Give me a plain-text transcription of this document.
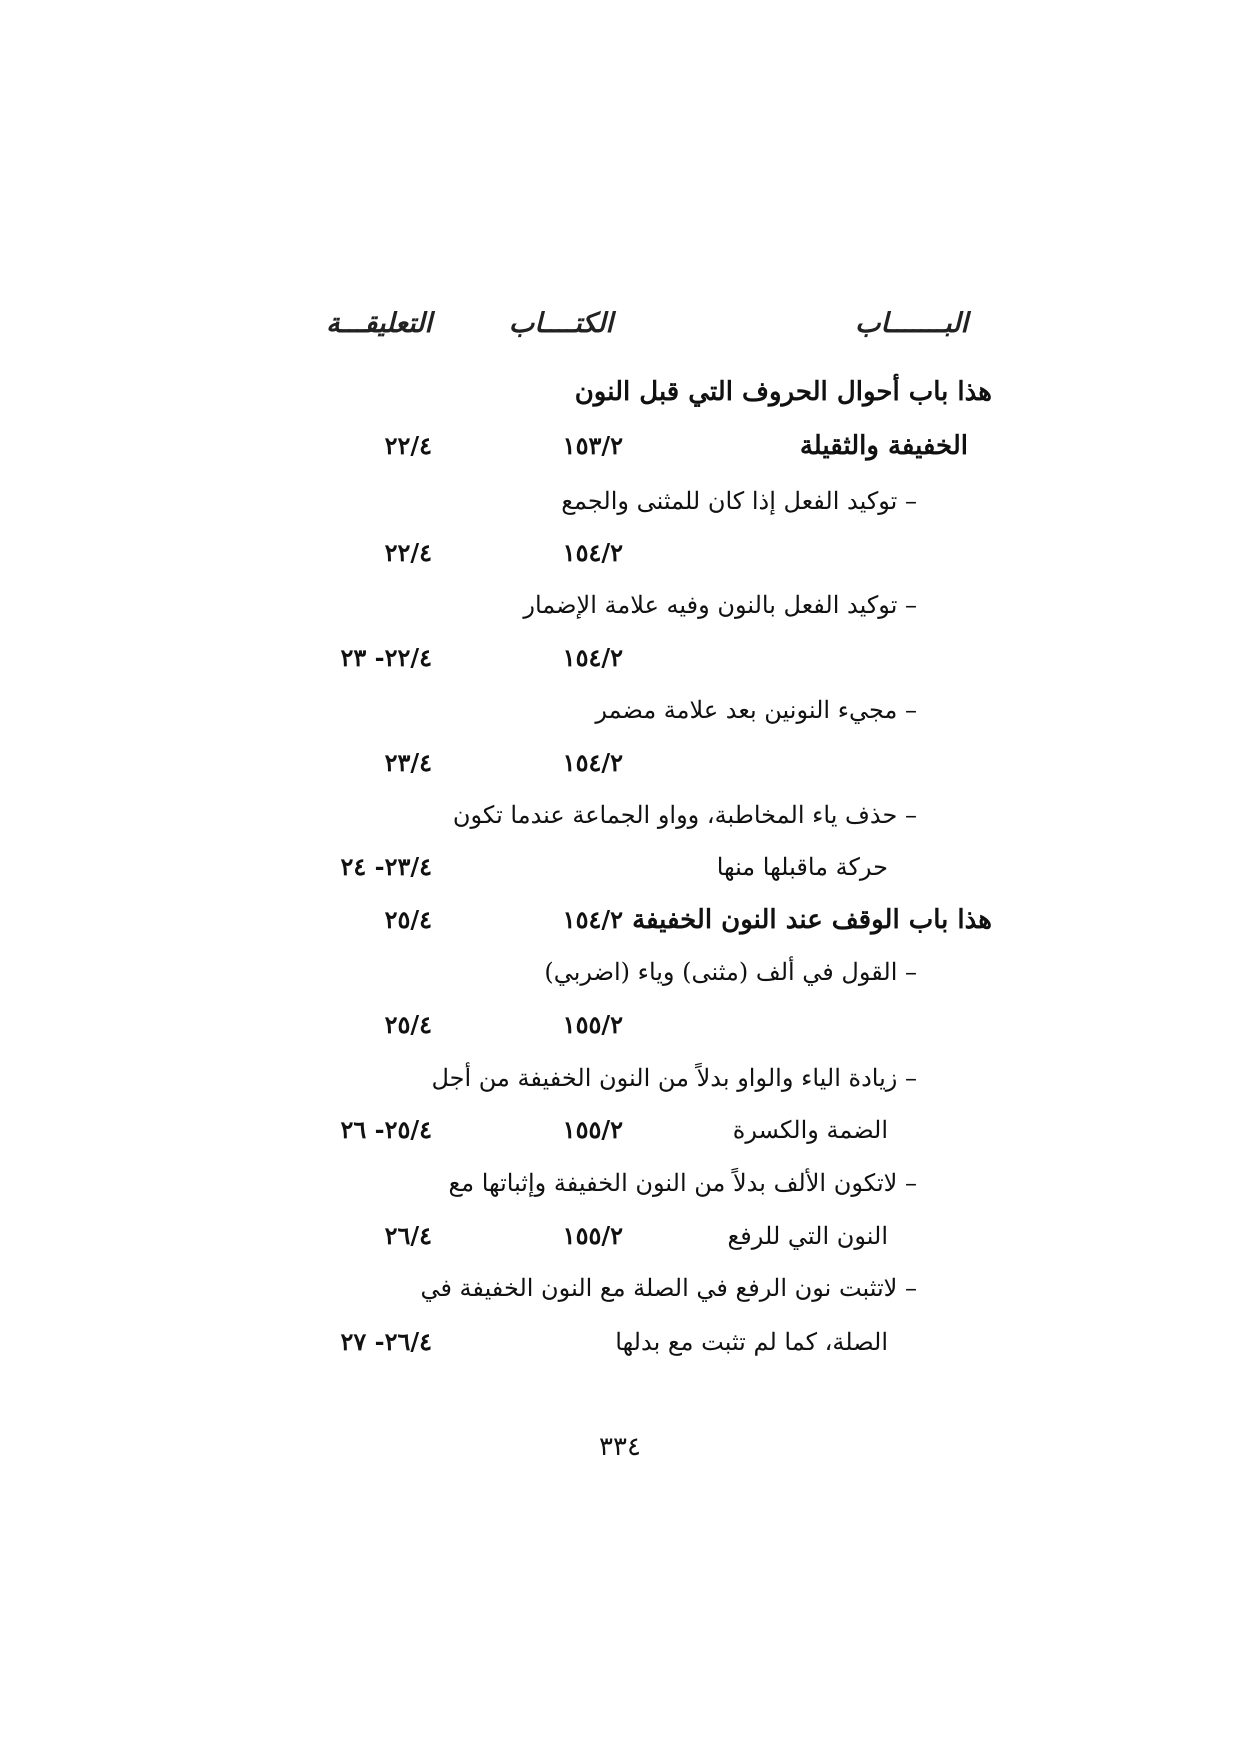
البـــــــاب
الكتــــاب
التعليقـــة
هذا باب أحوال الحروف التي قبل النون
الخفيفة والثقيلة
١٥٣/٢
٢٢/٤
– توكيد الفعل إذا كان للمثنى والجمع
١٥٤/٢
٢٢/٤
– توكيد الفعل بالنون وفيه علامة الإضمار
١٥٤/٢
٢٢/٤- ٢٣
– مجيء النونين بعد علامة مضمر
١٥٤/٢
٢٣/٤
– حذف ياء المخاطبة، وواو الجماعة عندما تكون
حركة ماقبلها منها
٢٣/٤- ٢٤
هذا باب الوقف عند النون الخفيفة
١٥٤/٢
٢٥/٤
– القول في ألف (مثنى) وياء (اضربي)
١٥٥/٢
٢٥/٤
– زيادة الياء والواو بدلاً من النون الخفيفة من أجل
الضمة والكسرة
١٥٥/٢
٢٥/٤- ٢٦
– لاتكون الألف بدلاً من النون الخفيفة وإثباتها مع
النون التي للرفع
١٥٥/٢
٢٦/٤
– لاتثبت نون الرفع في الصلة مع النون الخفيفة في
الصلة، كما لم تثبت مع بدلها
٢٦/٤- ٢٧
٣٣٤
